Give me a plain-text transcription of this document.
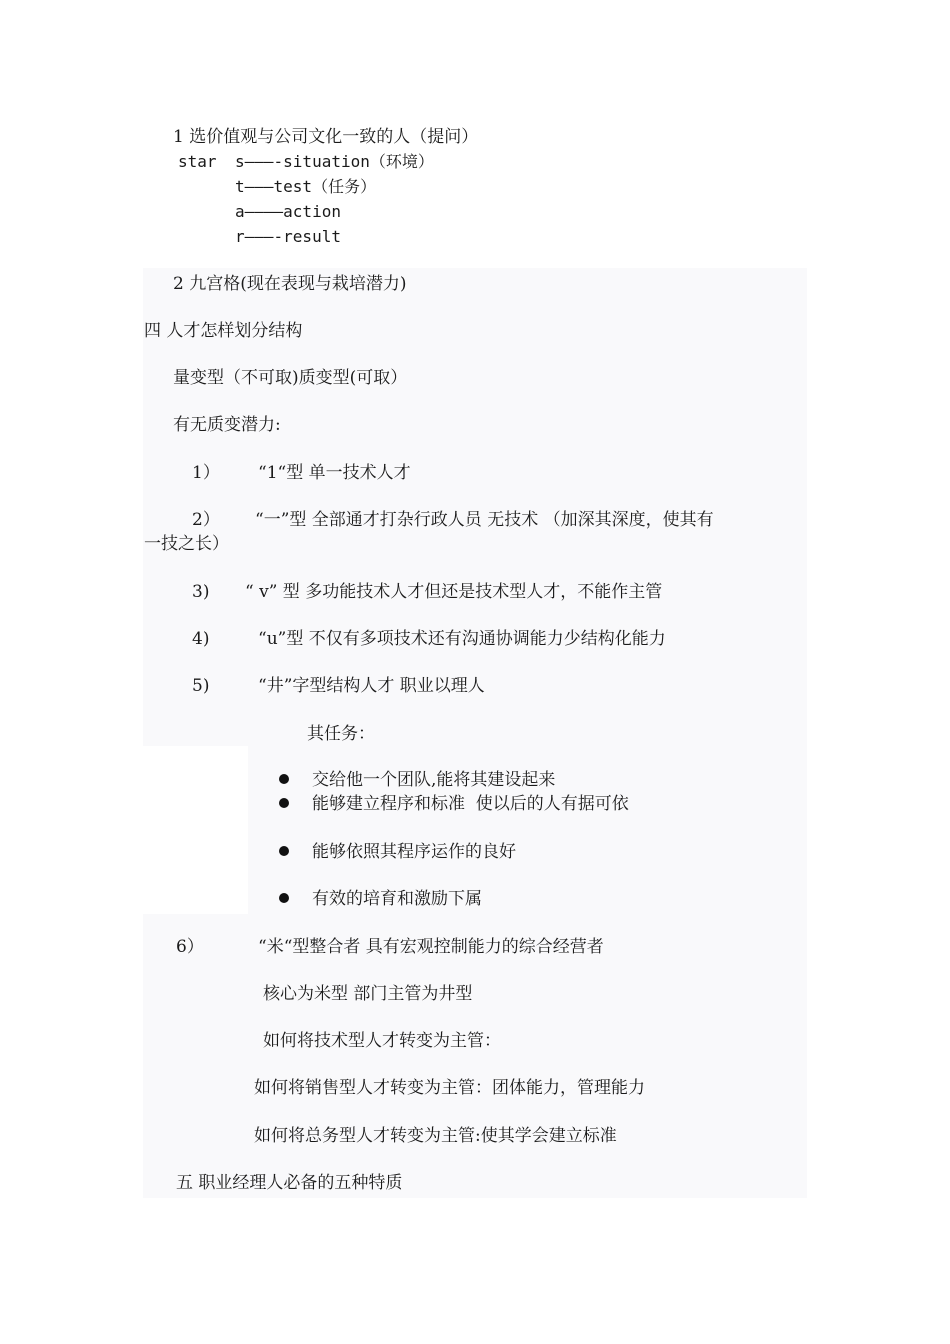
1 选价值观与公司文化一致的人（提问）
star s———-situation（环境）
t———test（任务）
a————action
r———-result
2 九宫格(现在表现与栽培潜力)
四 人才怎样划分结构
量变型（不可取)质变型(可取）
有无质变潜力:
1） “1“型 单一技术人才
2） “一”型 全部通才打杂行政人员 无技术 （加深其深度，使其有
一技之长）
3) “ v” 型 多功能技术人才但还是技术型人才，不能作主管
4)	“u”型 不仅有多项技术还有沟通协调能力少结构化能力
5)	“井”字型结构人才 职业以理人
其任务：
交给他一个团队,能将其建设起来
能够建立程序和标准  使以后的人有据可依
能够依照其程序运作的良好
有效的培育和激励下属
6）	“米“型整合者 具有宏观控制能力的综合经营者
核心为米型 部门主管为井型
如何将技术型人才转变为主管：
如何将销售型人才转变为主管：团体能力，管理能力
如何将总务型人才转变为主管:使其学会建立标准
五 职业经理人必备的五种特质
